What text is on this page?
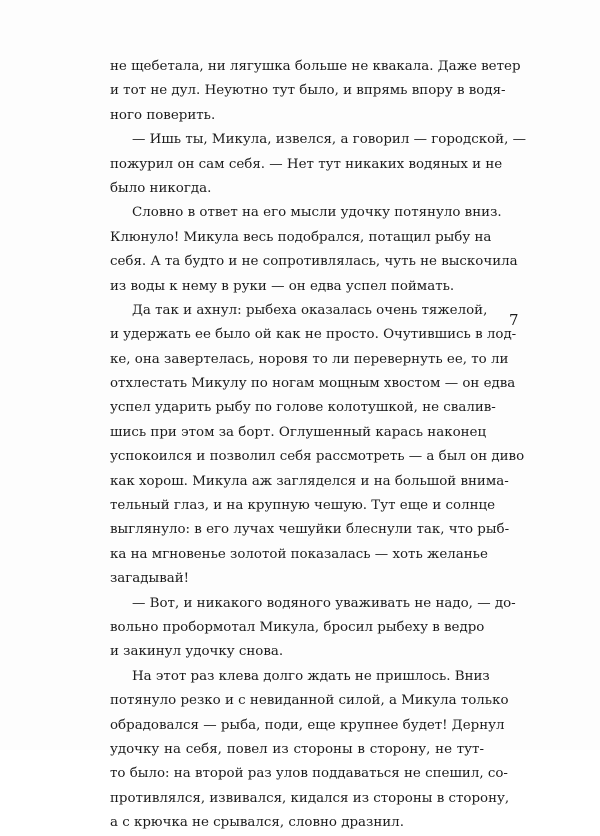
не щебетала, ни лягушка больше не квакала. Даже ветер
и тот не дул. Неуютно тут было, и впрямь впору в водя-
ного поверить.
— Ишь ты, Микула, извелся, а говорил — городской, —
пожурил он сам себя. — Нет тут никаких водяных и не
было никогда.
Словно в ответ на его мысли удочку потянуло вниз.
Клюнуло! Микула весь подобрался, потащил рыбу на
себя. А та будто и не сопротивлялась, чуть не выскочила
из воды к нему в руки — он едва успел поймать.
Да так и ахнул: рыбеха оказалась очень тяжелой,
и удержать ее было ой как не просто. Очутившись в лод-
ке, она завертелась, норовя то ли перевернуть ее, то ли
отхлестать Микулу по ногам мощным хвостом — он едва
успел ударить рыбу по голове колотушкой, не свалив-
шись при этом за борт. Оглушенный карась наконец
успокоился и позволил себя рассмотреть — а был он диво
как хорош. Микула аж загляделся и на большой внима-
тельный глаз, и на крупную чешую. Тут еще и солнце
выглянуло: в его лучах чешуйки блеснули так, что рыб-
ка на мгновенье золотой показалась — хоть желанье
загадывай!
— Вот, и никакого водяного уваживать не надо, — до-
вольно пробормотал Микула, бросил рыбеху в ведро
и закинул удочку снова.
На этот раз клева долго ждать не пришлось. Вниз
потянуло резко и с невиданной силой, а Микула только
обрадовался — рыба, поди, еще крупнее будет! Дернул
удочку на себя, повел из стороны в сторону, не тут-
то было: на второй раз улов поддаваться не спешил, со-
противлялся, извивался, кидался из стороны в сторону,
а с крючка не срывался, словно дразнил.
7
